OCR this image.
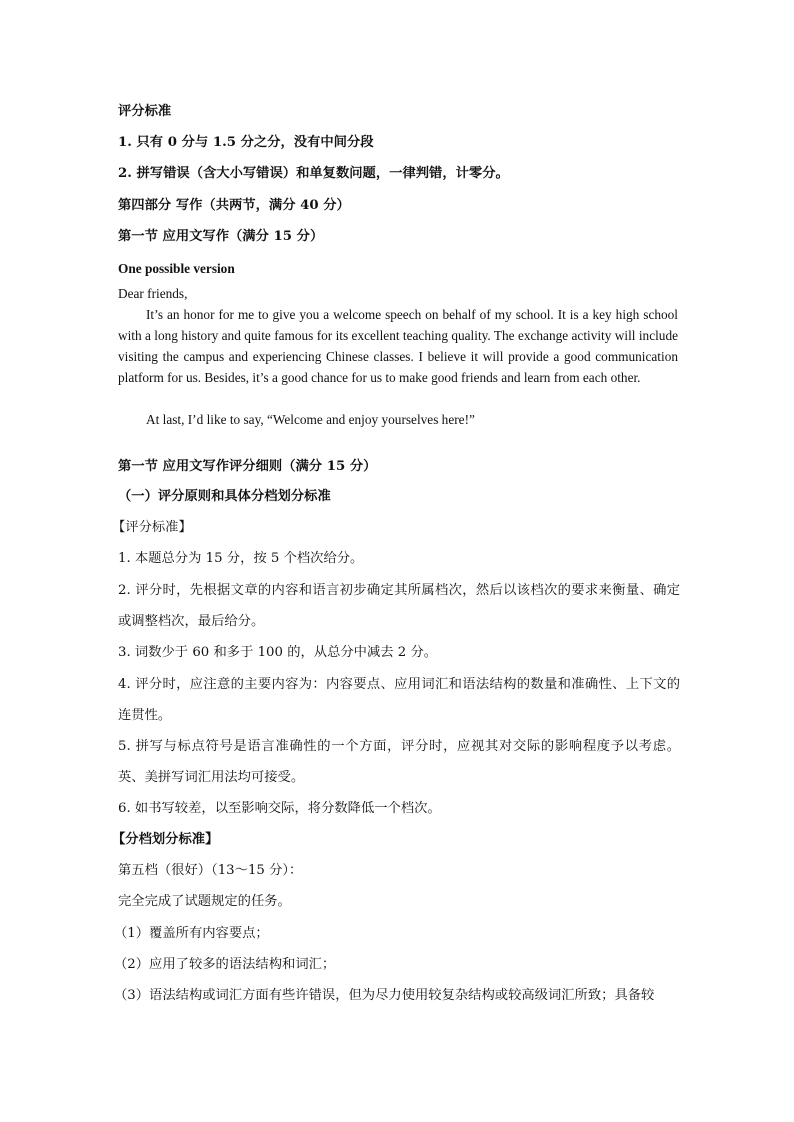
评分标准
1. 只有 0 分与 1.5 分之分，没有中间分段
2. 拼写错误（含大小写错误）和单复数问题，一律判错，计零分。
第四部分 写作（共两节，满分 40 分）
第一节 应用文写作（满分 15 分）
One possible version
Dear friends,
It’s an honor for me to give you a welcome speech on behalf of my school. It is a key high school with a long history and quite famous for its excellent teaching quality. The exchange activity will include visiting the campus and experiencing Chinese classes. I believe it will provide a good communication platform for us. Besides, it’s a good chance for us to make good friends and learn from each other.
At last, I’d like to say, “Welcome and enjoy yourselves here!”
第一节 应用文写作评分细则（满分 15 分）
（一）评分原则和具体分档划分标准
【评分标准】
1. 本题总分为 15 分，按 5 个档次给分。
2. 评分时，先根据文章的内容和语言初步确定其所属档次，然后以该档次的要求来衡量、确定或调整档次，最后给分。
3. 词数少于 60 和多于 100 的，从总分中减去 2 分。
4. 评分时，应注意的主要内容为：内容要点、应用词汇和语法结构的数量和准确性、上下文的连贯性。
5. 拼写与标点符号是语言准确性的一个方面，评分时，应视其对交际的影响程度予以考虑。英、美拼写词汇用法均可接受。
6. 如书写较差，以至影响交际，将分数降低一个档次。
【分档划分标准】
第五档（很好）（13～15 分）：
完全完成了试题规定的任务。
（1）覆盖所有内容要点；
（2）应用了较多的语法结构和词汇；
（3）语法结构或词汇方面有些许错误，但为尽力使用较复杂结构或较高级词汇所致；具备较
